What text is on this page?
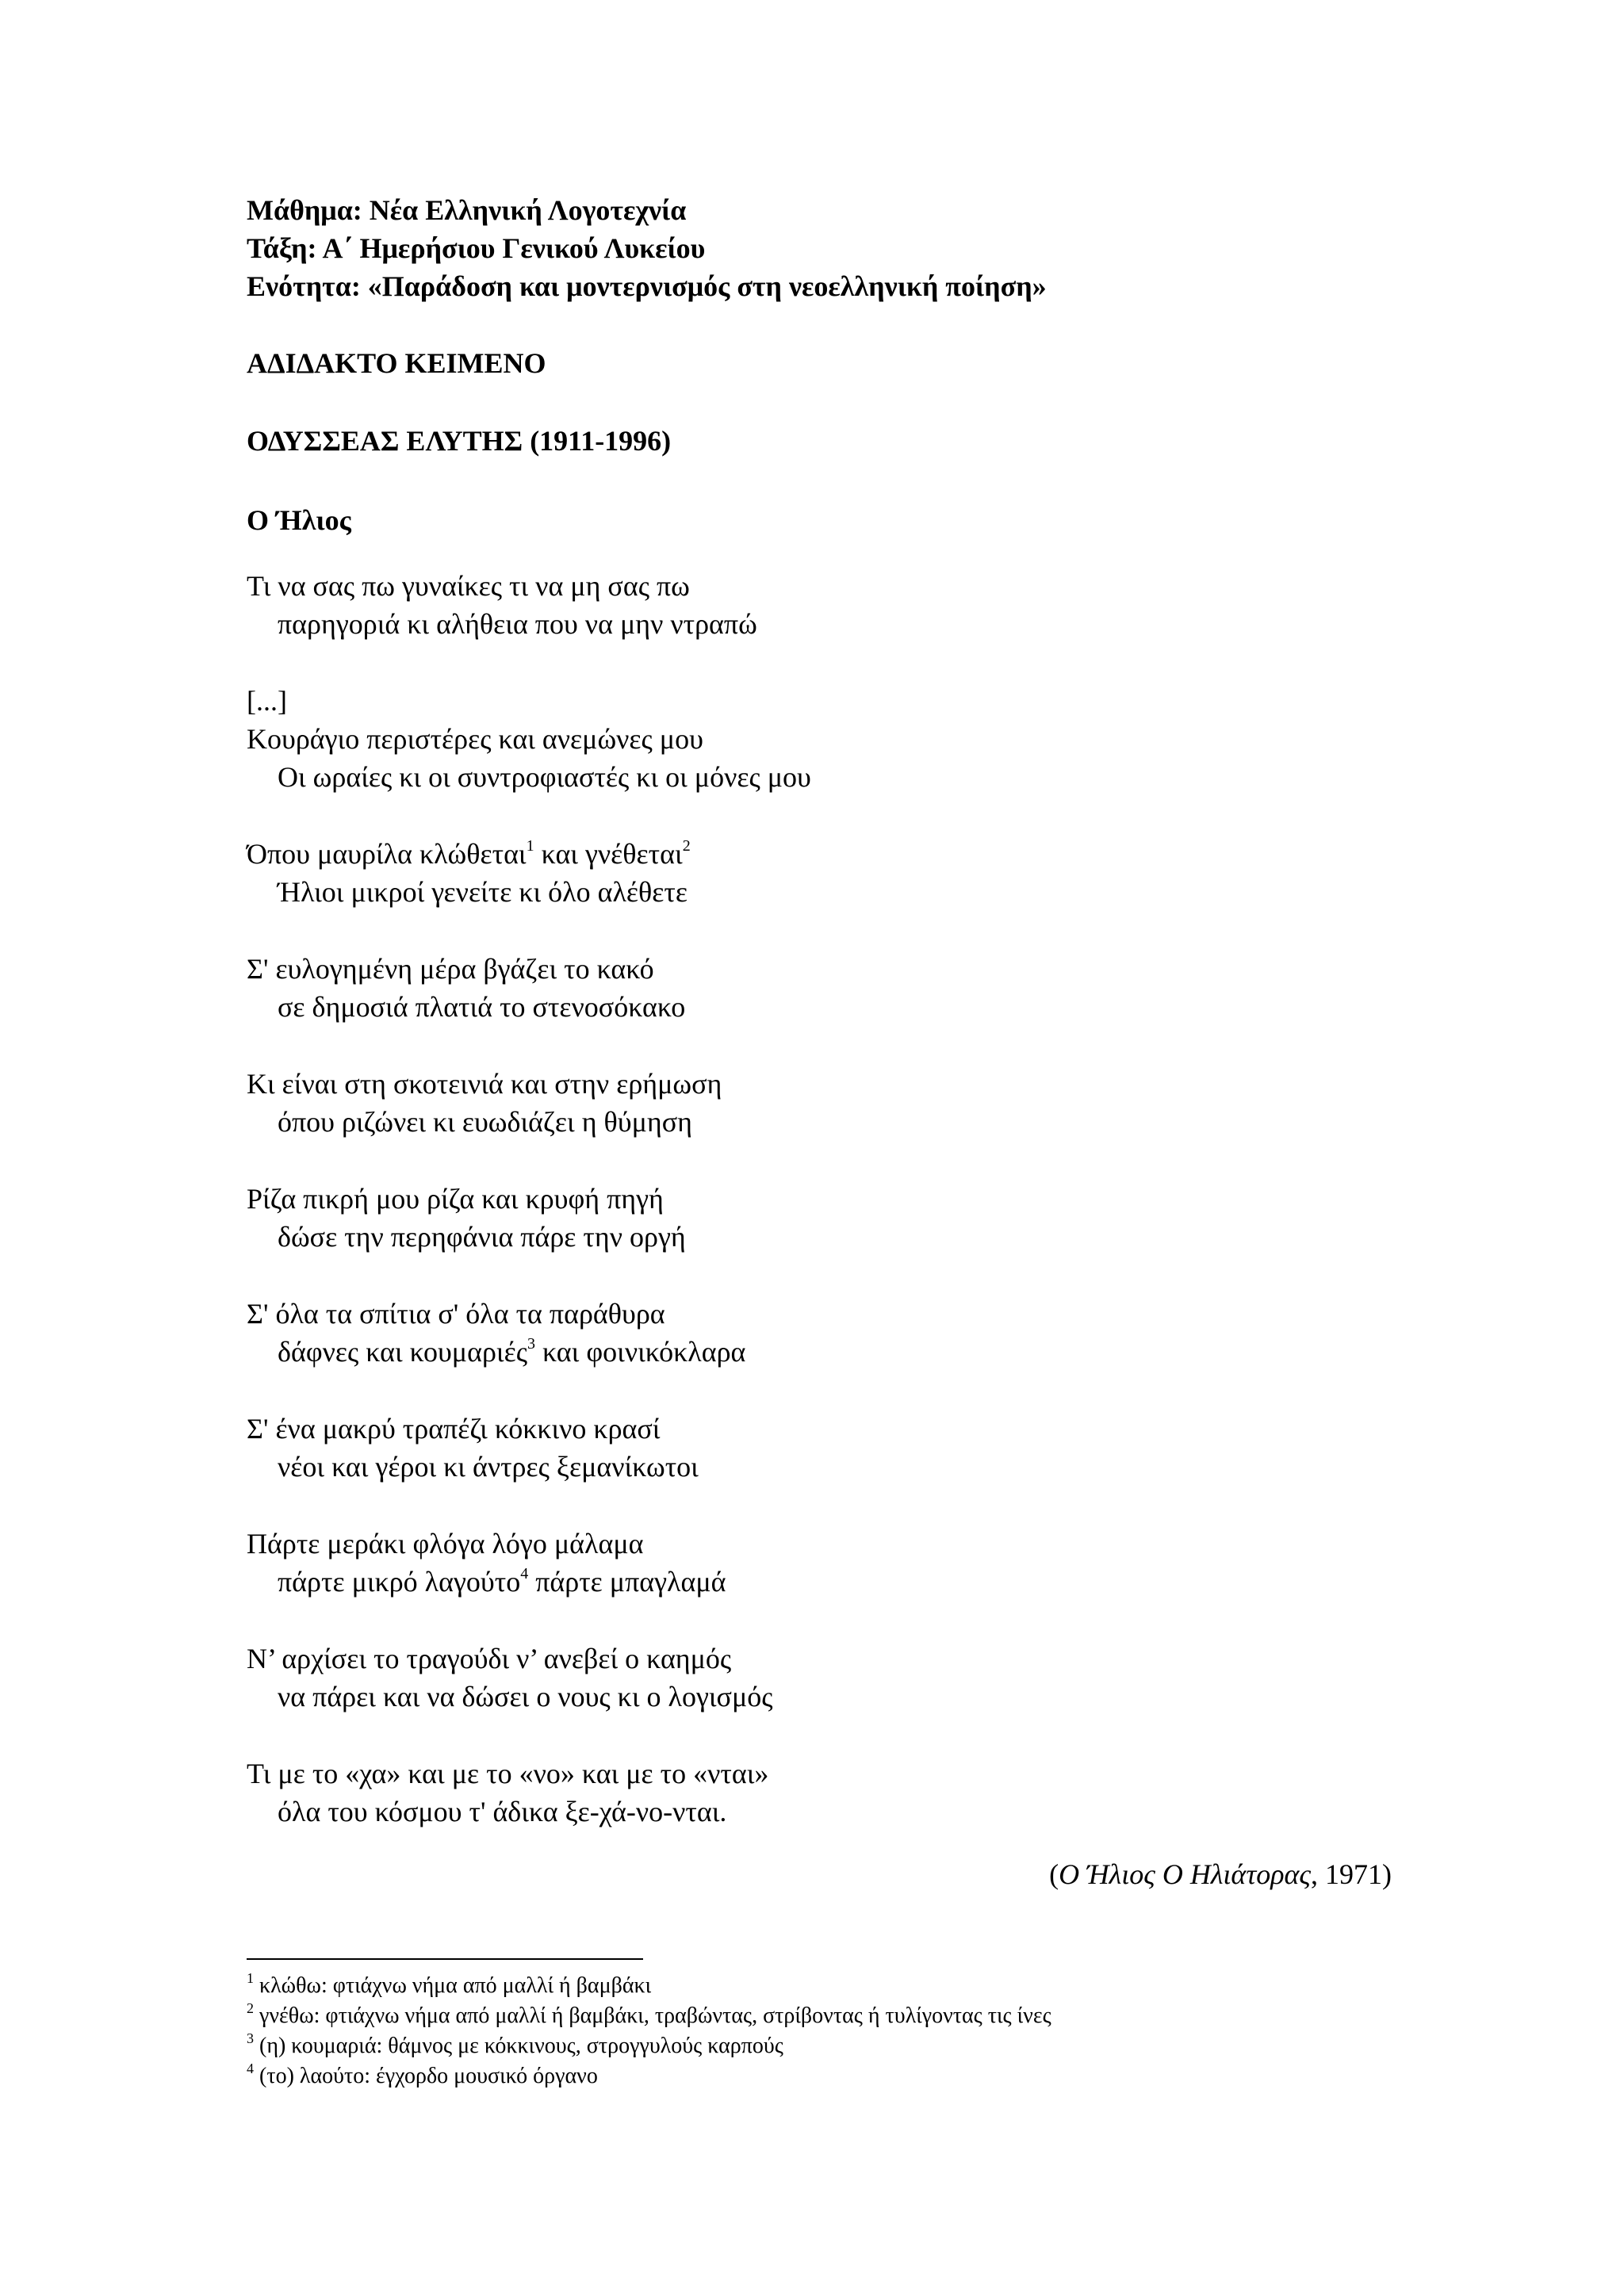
Μάθημα: Νέα Ελληνική Λογοτεχνία
Τάξη: Α΄ Ημερήσιου Γενικού Λυκείου
Ενότητα: «Παράδοση και μοντερνισμός στη νεοελληνική ποίηση»
ΑΔΙΔΑΚΤΟ ΚΕΙΜΕΝΟ
ΟΔΥΣΣΕΑΣ ΕΛΥΤΗΣ (1911-1996)
Ο Ήλιος
Τι να σας πω γυναίκες τι να μη σας πω
παρηγοριά κι αλήθεια που να μην ντραπώ
[...]
Κουράγιο περιστέρες και ανεμώνες μου
Οι ωραίες κι οι συντροφιαστές κι οι μόνες μου
Όπου μαυρίλα κλώθεται$^1$ και γνέθεται$^2$
Ήλιοι μικροί γενείτε κι όλο αλέθετε
Σ' ευλογημένη μέρα βγάζει το κακό
σε δημοσιά πλατιά το στενοσόκακο
Κι είναι στη σκοτεινιά και στην ερήμωση
όπου ριζώνει κι ευωδιάζει η θύμηση
Ρίζα πικρή μου ρίζα και κρυφή πηγή
δώσε την περηφάνια πάρε την οργή
Σ' όλα τα σπίτια σ' όλα τα παράθυρα
δάφνες και κουμαριές$^3$ και φοινικόκλαρα
Σ' ένα μακρύ τραπέζι κόκκινο κρασί
νέοι και γέροι κι άντρες ξεμανίκωτοι
Πάρτε μεράκι φλόγα λόγο μάλαμα
πάρτε μικρό λαγούτο$^4$ πάρτε μπαγλαμά
Ν’ αρχίσει το τραγούδι ν’ ανεβεί ο καημός
να πάρει και να δώσει ο νους κι ο λογισμός
Τι με το «χα» και με το «νο» και με το «νται»
όλα του κόσμου τ' άδικα ξε-χά-νο-νται.
(Ο Ήλιος Ο Ηλιάτορας, 1971)
$^1$ κλώθω: φτιάχνω νήμα από μαλλί ή βαμβάκι
$^2$ γνέθω: φτιάχνω νήμα από μαλλί ή βαμβάκι, τραβώντας, στρίβοντας ή τυλίγοντας τις ίνες
$^3$ (η) κουμαριά: θάμνος με κόκκινους, στρογγυλούς καρπούς
$^4$ (το) λαούτο: έγχορδο μουσικό όργανο
